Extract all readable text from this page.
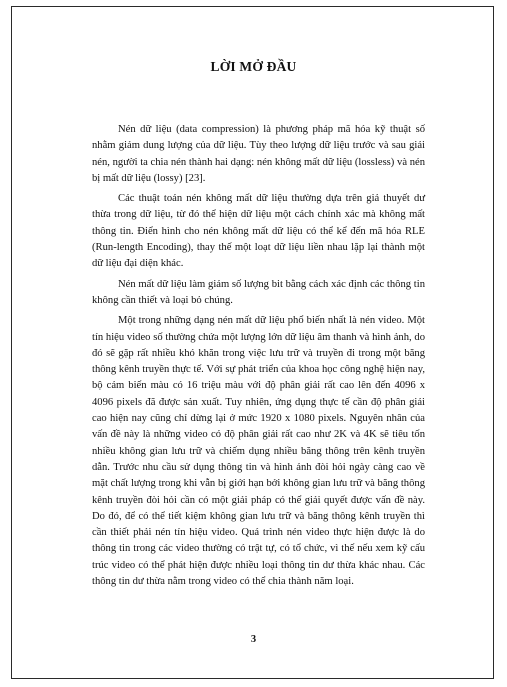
LỜI MỞ ĐẦU

Nén dữ liệu (data compression) là phương pháp mã hóa kỹ thuật số nhằm giảm dung lượng của dữ liệu. Tùy theo lượng dữ liệu trước và sau giải nén, người ta chia nén thành hai dạng: nén không mất dữ liệu (lossless) và nén bị mất dữ liệu (lossy) [23].

Các thuật toán nén không mất dữ liệu thường dựa trên giả thuyết dư thừa trong dữ liệu, từ đó thể hiện dữ liệu một cách chính xác mà không mất thông tin. Điển hình cho nén không mất dữ liệu có thể kể đến mã hóa RLE (Run-length Encoding), thay thế một loạt dữ liệu liền nhau lặp lại thành một dữ liệu đại diện khác.

Nén mất dữ liệu làm giảm số lượng bit bằng cách xác định các thông tin không cần thiết và loại bỏ chúng.

Một trong những dạng nén mất dữ liệu phổ biến nhất là nén video. Một tín hiệu video số thường chứa một lượng lớn dữ liệu âm thanh và hình ảnh, do đó sẽ gặp rất nhiều khó khăn trong việc lưu trữ và truyền đi trong một băng thông kênh truyền thực tế. Với sự phát triển của khoa học công nghệ hiện nay, bộ cảm biến màu có 16 triệu màu với độ phân giải rất cao lên đến 4096 x 4096 pixels đã được sản xuất. Tuy nhiên, ứng dụng thực tế cần độ phân giải cao hiện nay cũng chỉ dừng lại ở mức 1920 x 1080 pixels. Nguyên nhân của vấn đề này là những video có độ phân giải rất cao như 2K và 4K sẽ tiêu tốn nhiều không gian lưu trữ và chiếm dụng nhiều băng thông trên kênh truyền dẫn. Trước nhu cầu sử dụng thông tin và hình ảnh đòi hỏi ngày càng cao về mặt chất lượng trong khi vẫn bị giới hạn bởi không gian lưu trữ và băng thông kênh truyền đòi hỏi cần có một giải pháp có thể giải quyết được vấn đề này. Do đó, để có thể tiết kiệm không gian lưu trữ và băng thông kênh truyền thì cần thiết phải nén tín hiệu video. Quá trình nén video thực hiện được là do thông tin trong các video thường có trật tự, có tổ chức, vì thế nếu xem kỹ cấu trúc video có thể phát hiện được nhiều loại thông tin dư thừa khác nhau. Các thông tin dư thừa nằm trong video có thể chia thành năm loại.

3
